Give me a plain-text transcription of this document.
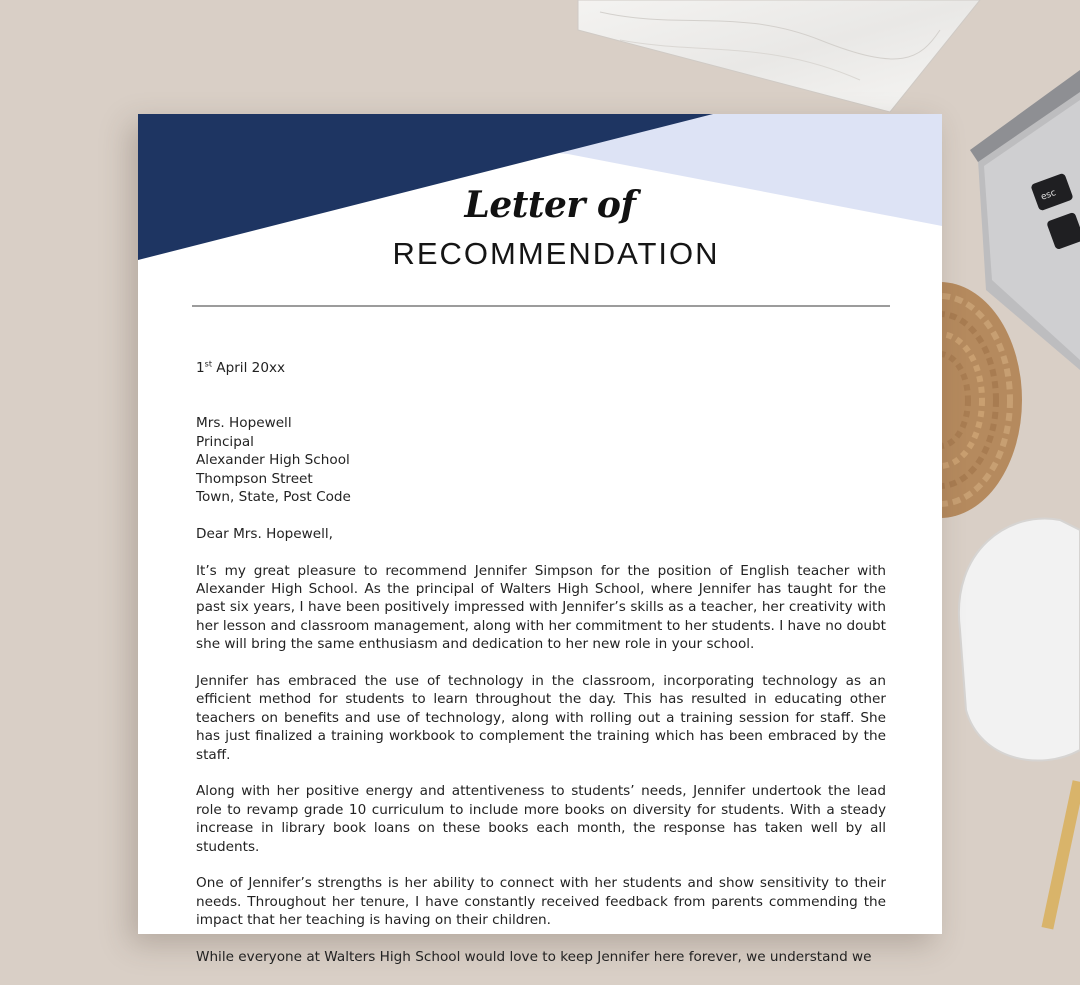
esc
Letter of
RECOMMENDATION

1st April 20xx

Mrs. Hopewell
Principal
Alexander High School
Thompson Street
Town, State, Post Code

Dear Mrs. Hopewell,

It’s my great pleasure to recommend Jennifer Simpson for the position of English teacher with Alexander High School. As the principal of Walters High School, where Jennifer has taught for the past six years, I have been positively impressed with Jennifer’s skills as a teacher, her creativity with her lesson and classroom management, along with her commitment to her students. I have no doubt she will bring the same enthusiasm and dedication to her new role in your school.

Jennifer has embraced the use of technology in the classroom, incorporating technology as an efficient method for students to learn throughout the day. This has resulted in educating other teachers on benefits and use of technology, along with rolling out a training session for staff. She has just finalized a training workbook to complement the training which has been embraced by the staff.

Along with her positive energy and attentiveness to students’ needs, Jennifer undertook the lead role to revamp grade 10 curriculum to include more books on diversity for students. With a steady increase in library book loans on these books each month, the response has taken well by all students.

One of Jennifer’s strengths is her ability to connect with her students and show sensitivity to their needs. Throughout her tenure, I have constantly received feedback from parents commending the impact that her teaching is having on their children.

While everyone at Walters High School would love to keep Jennifer here forever, we understand we
